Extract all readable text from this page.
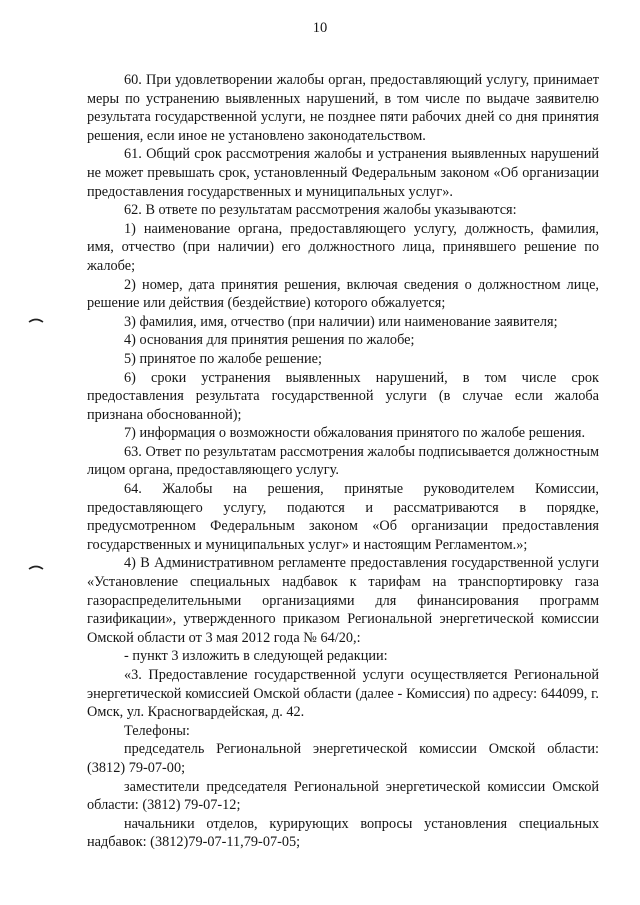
10

60. При удовлетворении жалобы орган, предоставляющий услугу, принимает меры по устранению выявленных нарушений, в том числе по выдаче заявителю результата государственной услуги, не позднее пяти рабочих дней со дня принятия решения, если иное не установлено законодательством.

61. Общий срок рассмотрения жалобы и устранения выявленных нарушений не может превышать срок, установленный Федеральным законом «Об организации предоставления государственных и муниципальных услуг».

62. В ответе по результатам рассмотрения жалобы указываются:

1) наименование органа, предоставляющего услугу, должность, фамилия, имя, отчество (при наличии) его должностного лица, принявшего решение по жалобе;

2) номер, дата принятия решения, включая сведения о должностном лице, решение или действия (бездействие) которого обжалуется;

3) фамилия, имя, отчество (при наличии) или наименование заявителя;

4) основания для принятия решения по жалобе;

5) принятое по жалобе решение;

6) сроки устранения выявленных нарушений, в том числе срок предоставления результата государственной услуги (в случае если жалоба признана обоснованной);

7) информация о возможности обжалования принятого по жалобе решения.

63. Ответ по результатам рассмотрения жалобы подписывается должностным лицом органа, предоставляющего услугу.

64. Жалобы на решения, принятые руководителем Комиссии, предоставляющего услугу, подаются и рассматриваются в порядке, предусмотренном Федеральным законом «Об организации предоставления государственных и муниципальных услуг» и настоящим Регламентом.»;

4) В Административном регламенте предоставления государственной услуги «Установление специальных надбавок к тарифам на транспортировку газа газораспределительными организациями для финансирования программ газификации», утвержденного приказом Региональной энергетической комиссии Омской области от 3 мая 2012 года № 64/20,:

- пункт 3 изложить в следующей редакции:

«3. Предоставление государственной услуги осуществляется Региональной энергетической комиссией Омской области (далее - Комиссия) по адресу: 644099, г. Омск, ул. Красногвардейская, д. 42.

Телефоны:

председатель Региональной энергетической комиссии Омской области: (3812) 79-07-00;

заместители председателя Региональной энергетической комиссии Омской области: (3812) 79-07-12;

начальники отделов, курирующих вопросы установления специальных надбавок: (3812)79-07-11,79-07-05;
